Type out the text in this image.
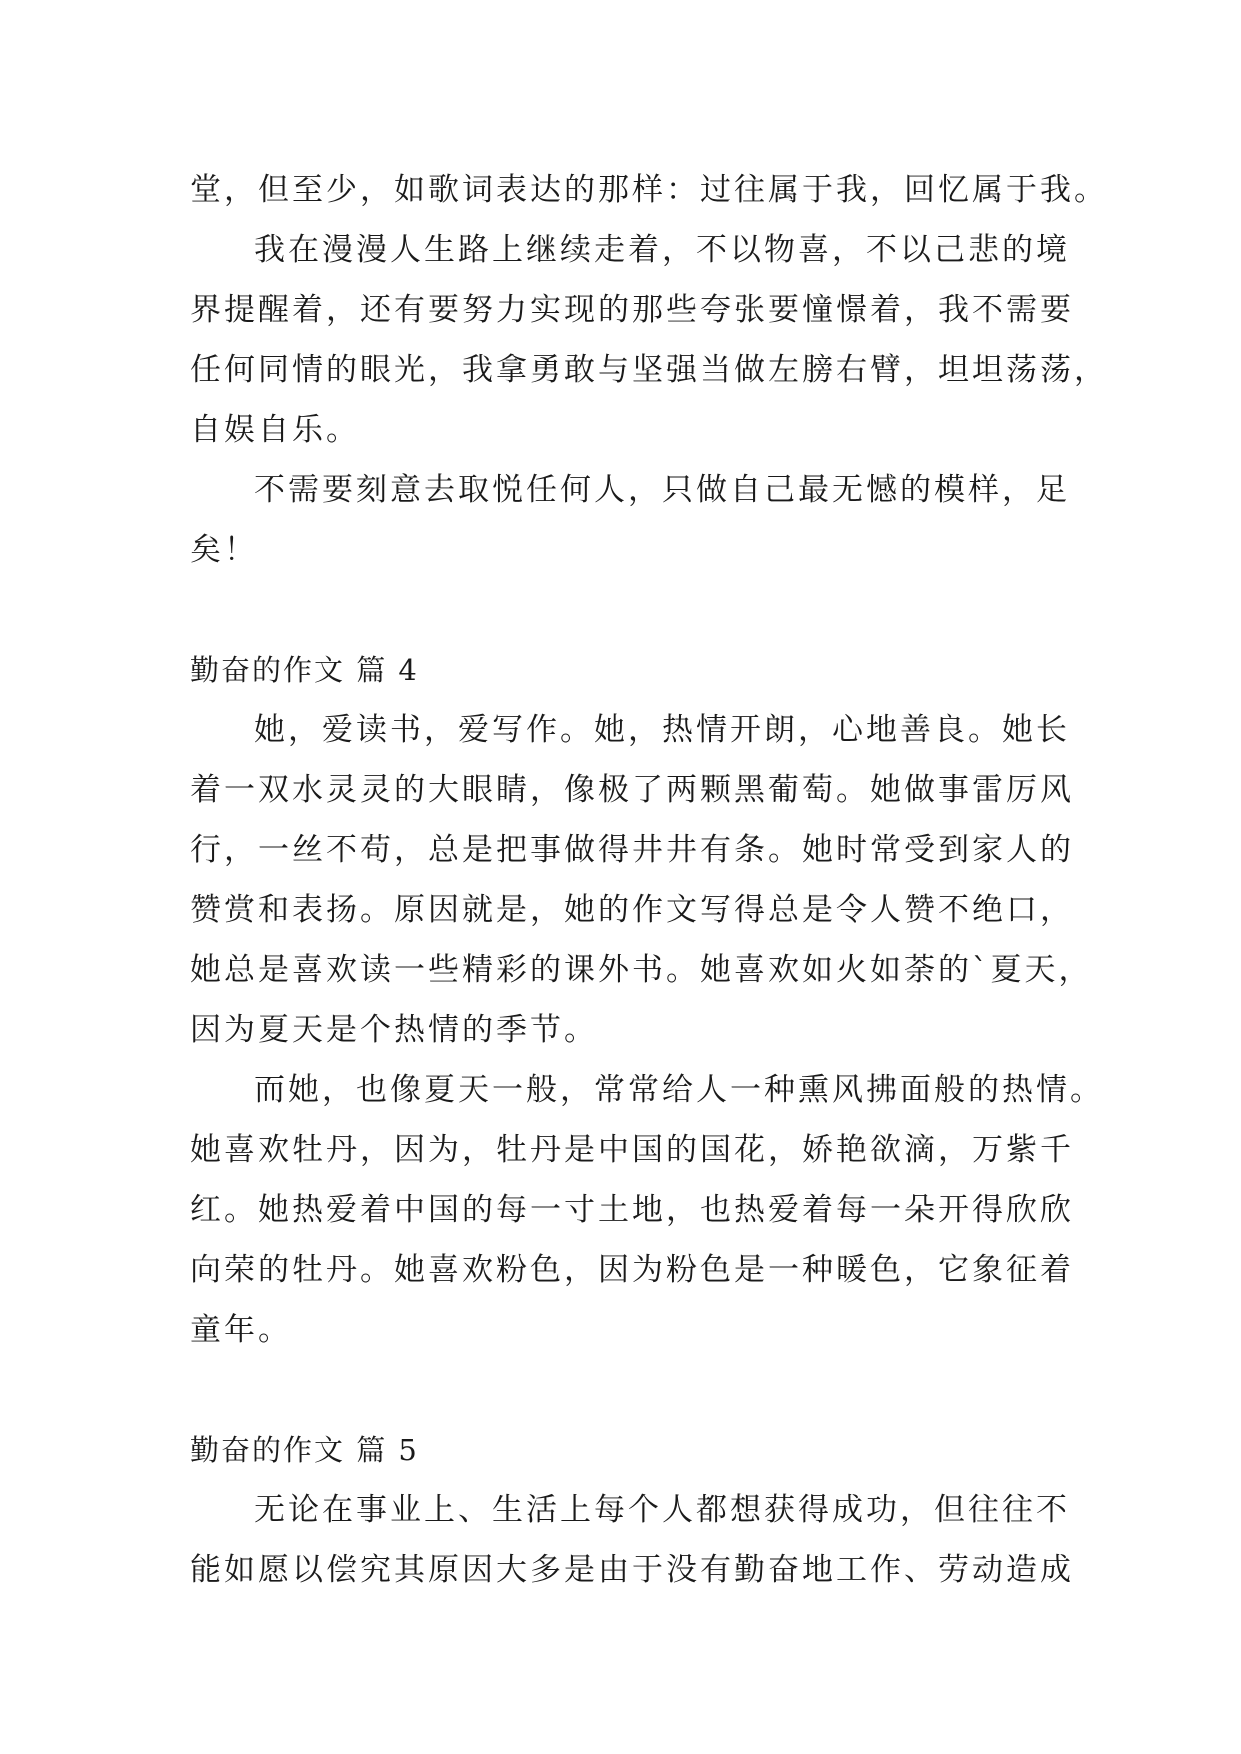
堂，但至少，如歌词表达的那样：过往属于我，回忆属于我。
我在漫漫人生路上继续走着，不以物喜，不以己悲的境
界提醒着，还有要努力实现的那些夸张要憧憬着，我不需要
任何同情的眼光，我拿勇敢与坚强当做左膀右臂，坦坦荡荡，
自娱自乐。
不需要刻意去取悦任何人，只做自己最无憾的模样，足
矣！
勤奋的作文 篇 4
她，爱读书，爱写作。她，热情开朗，心地善良。她长
着一双水灵灵的大眼睛，像极了两颗黑葡萄。她做事雷厉风
行，一丝不苟，总是把事做得井井有条。她时常受到家人的
赞赏和表扬。原因就是，她的作文写得总是令人赞不绝口，
她总是喜欢读一些精彩的课外书。她喜欢如火如荼的`夏天，
因为夏天是个热情的季节。
而她，也像夏天一般，常常给人一种熏风拂面般的热情。
她喜欢牡丹，因为，牡丹是中国的国花，娇艳欲滴，万紫千
红。她热爱着中国的每一寸土地，也热爱着每一朵开得欣欣
向荣的牡丹。她喜欢粉色，因为粉色是一种暖色，它象征着
童年。
勤奋的作文 篇 5
无论在事业上、生活上每个人都想获得成功，但往往不
能如愿以偿究其原因大多是由于没有勤奋地工作、劳动造成
